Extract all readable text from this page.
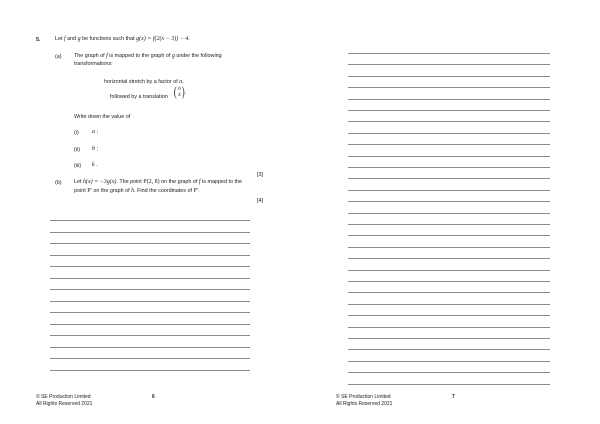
5.	Let f and g be functions such that g(x) = f(2(x − 3)) − 4.
(a) The graph of f is mapped to the graph of g under the following
transformations:
horizontal stretch by a factor of a,
followed by a translation ( b
k ) .
Write down the value of
(i) a ;
(ii) b ;
(iii) k .
[3]
(b) Let h(x) = −3g(x). The point P(2, 8) on the graph of f is mapped to the
point P′ on the graph of h. Find the coordinates of P′.
[4]
© SE Production Limited
All Rights Reserved 2021
6	© SE Production Limited
All Rights Reserved 2021
7
